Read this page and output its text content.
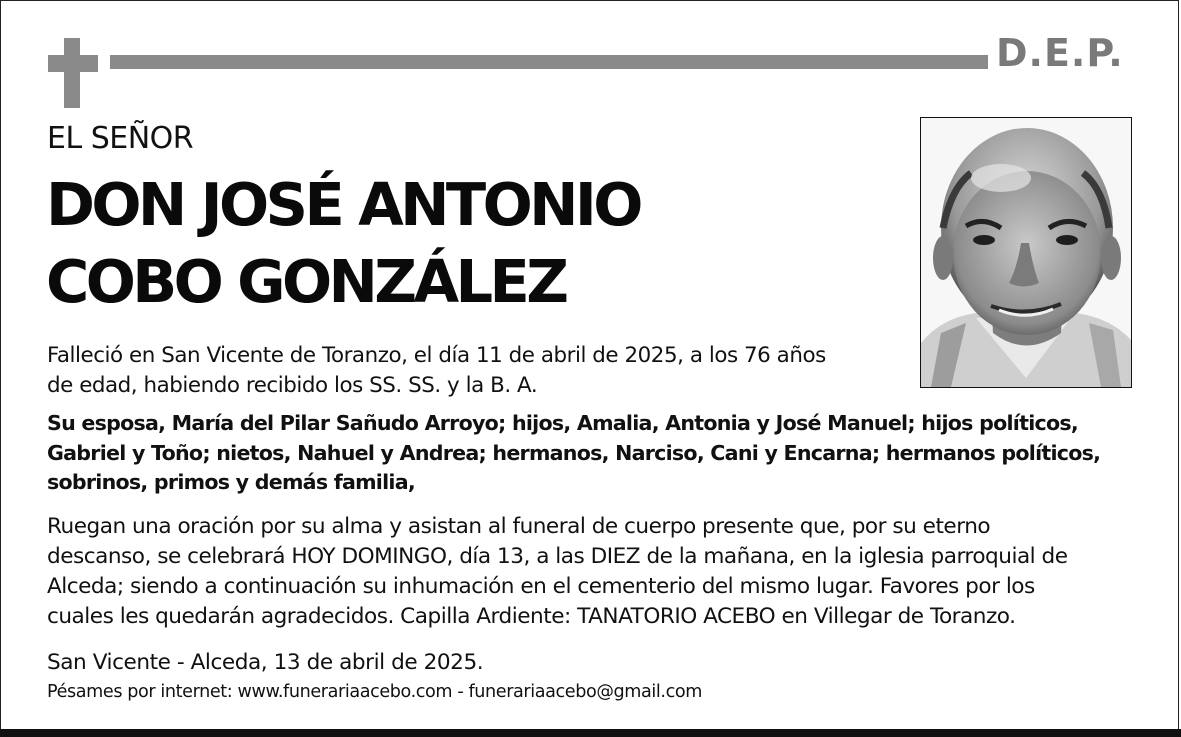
D.E.P.
EL SEÑOR
DON JOSÉ ANTONIO
COBO GONZÁLEZ
Falleció en San Vicente de Toranzo, el día 11 de abril de 2025, a los 76 años
de edad, habiendo recibido los SS. SS. y la B. A.
Su esposa, María del Pilar Sañudo Arroyo; hijos, Amalia, Antonia y José Manuel; hijos políticos,
Gabriel y Toño; nietos, Nahuel y Andrea; hermanos, Narciso, Cani y Encarna; hermanos políticos,
sobrinos, primos y demás familia,
Ruegan una oración por su alma y asistan al funeral de cuerpo presente que, por su eterno
descanso, se celebrará HOY DOMINGO, día 13, a las DIEZ de la mañana, en la iglesia parroquial de
Alceda; siendo a continuación su inhumación en el cementerio del mismo lugar. Favores por los
cuales les quedarán agradecidos. Capilla Ardiente: TANATORIO ACEBO en Villegar de Toranzo.
San Vicente - Alceda, 13 de abril de 2025.
Pésames por internet: www.funerariaacebo.com - funerariaacebo@gmail.com
